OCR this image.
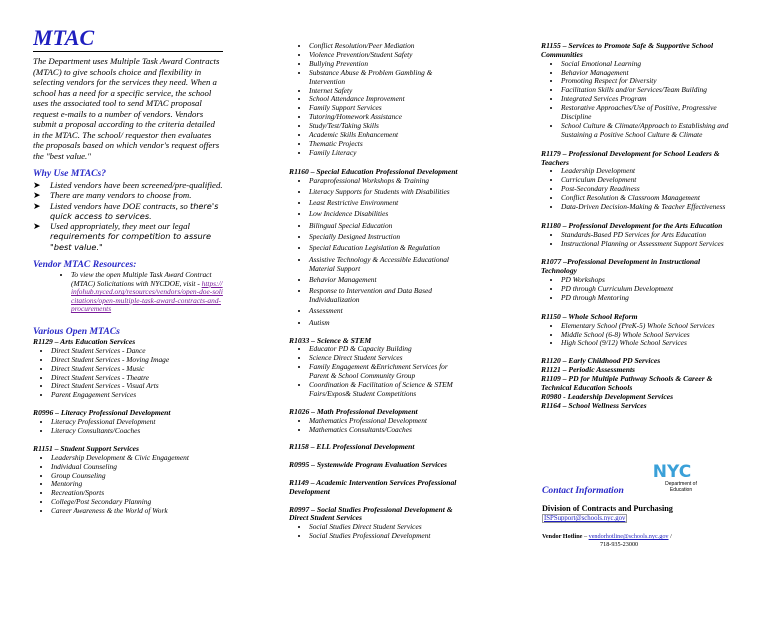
MTAC

The Department uses Multiple Task Award Contracts (MTAC) to give schools choice and flexibility in selecting vendors for the services they need. When a school has a need for a specific service, the school uses the associated tool to send MTAC proposal request e-mails to a number of vendors. Vendors submit a proposal according to the criteria detailed in the MTAC. The school/ requestor then evaluates the proposals based on which vendor's request offers the "best value."

Why Use MTACs?
➤ Listed vendors have been screened/pre-qualified.
➤ There are many vendors to choose from.
➤ Listed vendors have DOE contracts, so there's quick access to services.
➤ Used appropriately, they meet our legal requirements for competition to assure "best value."
Vendor MTAC Resources:
• To view the open Multiple Task Award Contract (MTAC) Solicitations with NYCDOE, visit - https://infohub.nyced.org/resources/vendors/open-doe-solicitations/open-multiple-task-award-contracts-and-procurements
Various Open MTACs

R1129 – Arts Education Services

• Direct Student Services - Dance
• Direct Student Services - Moving Image
• Direct Student Services - Music
• Direct Student Services - Theatre
• Direct Student Services - Visual Arts
• Parent Engagement Services

R0996 – Literacy Professional Development

• Literacy Professional Development
• Literacy Consultants/Coaches

R1151 – Student Support Services

• Leadership Development & Civic Engagement
• Individual Counseling
• Group Counseling
• Mentoring
• Recreation/Sports
• College/Post Secondary Planning
• Career Awareness & the World of Work
• Conflict Resolution/Peer Mediation
• Violence Prevention/Student Safety
• Bullying Prevention
• Substance Abuse & Problem Gambling & Intervention
• Internet Safety
• School Attendance Improvement
• Family Support Services
• Tutoring/Homework Assistance
• Study/Test/Taking Skills
• Academic Skills Enhancement
• Thematic Projects
• Family Literacy

R1160 – Special Education Professional Development

• Paraprofessional Workshops & Training
• Literacy Supports for Students with Disabilities
• Least Restrictive Environment
• Low Incidence Disabilities
• Bilingual Special Education
• Specially Designed Instruction
• Special Education Legislation & Regulation
• Assistive Technology & Accessible Educational Material Support
• Behavior Management
• Response to Intervention and Data Based Individualization
• Assessment
• Autism

R1033 – Science & STEM

• Educator PD & Capacity Building
• Science Direct Student Services
• Family Engagement &Enrichment Services for Parent & School Community Group
• Coordination & Facilitation of Science & STEM Fairs/Expos& Student Competitions

R1026 – Math Professional Development

• Mathematics Professional Development
• Mathematics Consultants/Coaches

R1158 – ELL Professional Development

R0995 – Systemwide Program Evaluation Services

R1149 – Academic Intervention Services Professional Development

R0997 – Social Studies Professional Development & Direct Student Services

• Social Studies Direct Student Services
• Social Studies Professional Development

R1155 – Services to Promote Safe & Supportive School Communities

• Social Emotional Learning
• Behavior Management
• Promoting Respect for Diversity
• Facilitation Skills and/or Services/Team Building
• Integrated Services Program
• Restorative Approaches/Use of Positive, Progressive Discipline
• School Culture & Climate/Approach to Establishing and Sustaining a Positive School Culture & Climate

R1179 – Professional Development for School Leaders & Teachers

• Leadership Development
• Curriculum Development
• Post-Secondary Readiness
• Conflict Resolution & Classroom Management
• Data-Driven Decision-Making & Teacher Effectiveness

R1180 – Professional Development for the Arts Education

• Standards-Based PD Services for Arts Education
• Instructional Planning or Assessment Support Services

R1077 –Professional Development in Instructional Technology

• PD Workshops
• PD through Curriculum Development
• PD through Mentoring

R1150 – Whole School Reform

• Elementary School (PreK-5) Whole School Services
• Middle School (6-8) Whole School Services
• High School (9/12) Whole School Services

R1120 – Early Childhood PD Services

R1121 – Periodic Assessments

R1109 – PD for Multiple Pathway Schools & Career & Technical Education Schools

R0980 - Leadership Development Services

R1164 – School Wellness Services

NYC
Department of
Education
Contact Information
Division of Contracts and Purchasing
ISPSupport@schools.nyc.gov
Vendor Hotline – vendorhotline@schools.nyc.gov /
718-935-23000
